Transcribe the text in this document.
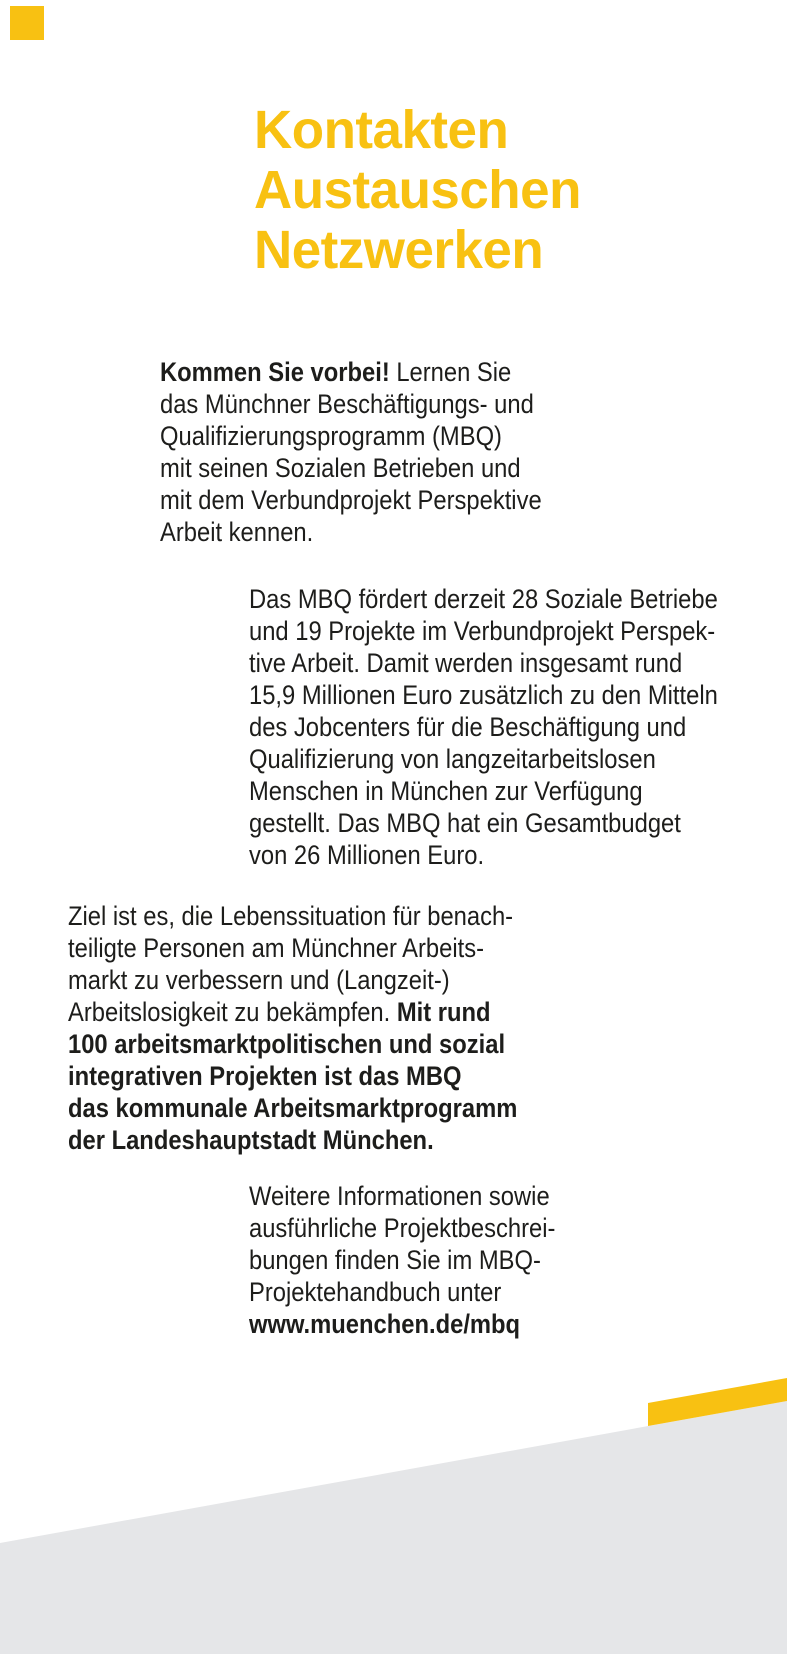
Kontakten
Austauschen
Netzwerken
Kommen Sie vorbei! Lernen Sie
das Münchner Beschäftigungs- und
Qualifizierungsprogramm (MBQ)
mit seinen Sozialen Betrieben und
mit dem Verbundprojekt Perspektive
Arbeit kennen.
Das MBQ fördert derzeit 28 Soziale Betriebe
und 19 Projekte im Verbundprojekt Perspek-
tive Arbeit. Damit werden insgesamt rund
15,9 Millionen Euro zusätzlich zu den Mitteln
des Jobcenters für die Beschäftigung und
Qualifizierung von langzeitarbeitslosen
Menschen in München zur Verfügung
gestellt. Das MBQ hat ein Gesamtbudget
von 26 Millionen Euro.
Ziel ist es, die Lebenssituation für benach-
teiligte Personen am Münchner Arbeits-
markt zu verbessern und (Langzeit-)
Arbeitslosigkeit zu bekämpfen. Mit rund
100 arbeitsmarktpolitischen und sozial
integrativen Projekten ist das MBQ
das kommunale Arbeitsmarktprogramm
der Landeshauptstadt München.
Weitere Informationen sowie
ausführliche Projektbeschrei-
bungen finden Sie im MBQ-
Projektehandbuch unter
www.muenchen.de/mbq
